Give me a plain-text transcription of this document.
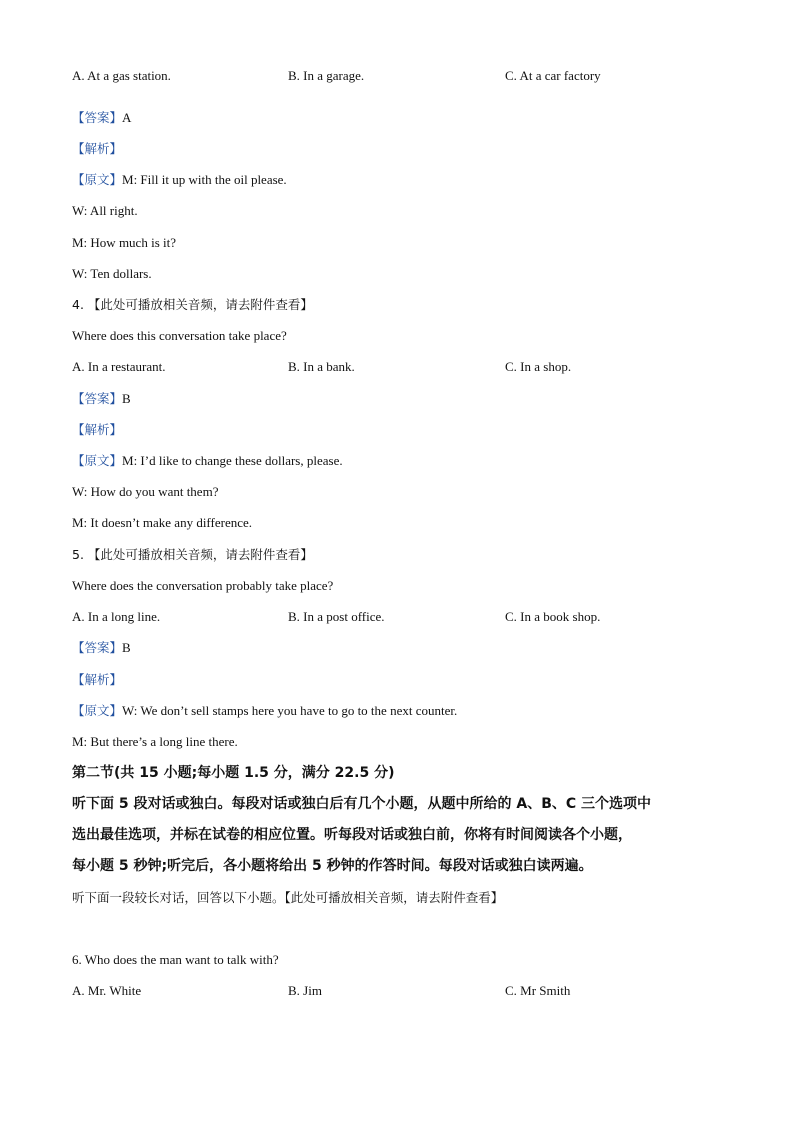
A. At a gas station.	B. In a garage.	C. At a car factory
【答案】A
【解析】
【原文】M: Fill it up with the oil please.
W: All right.
M: How much is it?
W: Ten dollars.
4. 【此处可播放相关音频，请去附件查看】
Where does this conversation take place?
A. In a restaurant.	B. In a bank.	C. In a shop.
【答案】B
【解析】
【原文】M: I’d like to change these dollars, please.
W: How do you want them?
M: It doesn’t make any difference.
5. 【此处可播放相关音频，请去附件查看】
Where does the conversation probably take place?
A. In a long line.	B. In a post office.	C. In a book shop.
【答案】B
【解析】
【原文】W: We don’t sell stamps here you have to go to the next counter.
M: But there’s a long line there.
第二节(共 15 小题;每小题 1.5 分，满分 22.5 分)
听下面 5 段对话或独白。每段对话或独白后有几个小题，从题中所给的 A、B、C 三个选项中
选出最佳选项，并标在试卷的相应位置。听每段对话或独白前，你将有时间阅读各个小题，
每小题 5 秒钟;听完后，各小题将给出 5 秒钟的作答时间。每段对话或独白读两遍。
听下面一段较长对话，回答以下小题。【此处可播放相关音频，请去附件查看】
6. Who does the man want to talk with?
A. Mr. White	B. Jim	C. Mr Smith
